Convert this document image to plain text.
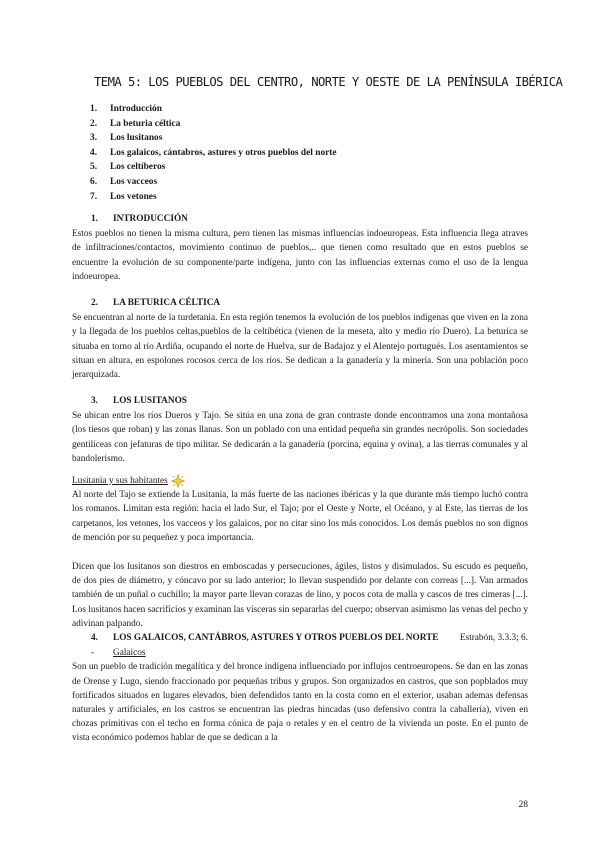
TEMA 5: LOS PUEBLOS DEL CENTRO, NORTE Y OESTE DE LA PENÍNSULA IBÉRICA
1.	Introducción
2.	La beturia céltica
3.	Los lusitanos
4.	Los galaicos, cántabros, astures y otros pueblos del norte
5.	Los celtíberos
6.	Los vacceos
7.	Los vetones
1. INTRODUCCIÓN

Estos pueblos no tienen la misma cultura, pero tienen las mismas influencias indoeuropeas. Esta influencia llega atraves de infiltraciones/contactos, movimiento continuo de pueblos,.. que tienen como resultado que en estos pueblos se encuentre la evolución de su componente/parte indígena, junto con las influencias externas como el uso de la lengua indoeuropea.

2. LA BETURICA CÉLTICA

Se encuentran al norte de la turdetania. En esta región tenemos la evolución de los pueblos indígenas que viven en la zona y la llegada de los pueblos celtas,pueblos de la celtibética (vienen de la meseta, alto y medio río Duero). La beturica se situaba en torno al río Ardiña, ocupando el norte de Huelva, sur de Badajoz y el Alentejo portugués. Los asentamientos se situan en altura, en espolones rocosos cerca de los ríos. Se dedican a la ganadería y la minería. Son una población poco jerarquizada.

3. LOS LUSITANOS

Se ubican entre los ríos Dueros y Tajo. Se sitúa en una zona de gran contraste donde encontramos una zona montañosa (los tiesos que roban) y las zonas llanas. Son un poblado con una entidad pequeña sin grandes necrópolis. Son sociedades gentilíceas con jefaturas de tipo militar. Se dedicarán a la ganadería (porcina, equina y ovina), a las tierras comunales y al bandolerismo.

Lusitania y sus habitantes

Al norte del Tajo se extiende la Lusitania, la más fuerte de las naciones ibéricas y la que durante más tiempo luchó contra los romanos. Limitan esta región: hacia el lado Sur, el Tajo; por el Oeste y Norte, el Océano, y al Este, las tierras de los carpetanos, los vetones, los vacceos y los galaicos, por no citar sino los más conocidos. Los demás pueblos no son dignos de mención por su pequeñez y poca importancia.

Dicen que los lusitanos son diestros en emboscadas y persecuciones, ágiles, listos y disimulados. Su escudo es pequeño, de dos pies de diámetro, y cóncavo por su lado anterior; lo llevan suspendido por delante con correas [...]. Van armados también de un puñal o cuchillo; la mayor parte llevan corazas de lino, y pocos cota de malla y cascos de tres cimeras [...]. Los lusitanos hacen sacrificios y examinan las vísceras sin separarlas del cuerpo; observan asimismo las venas del pecho y adivinan palpando.

Estrabón, 3.3.3; 6.
4. LOS GALAICOS, CANTÁBROS, ASTURES Y OTROS PUEBLOS DEL NORTE
-	Galaicos

Son un pueblo de tradición megalítica y del bronce indígena influenciado por influjos centroeuropeos. Se dan en las zonas de Orense y Lugo, siendo fraccionado por pequeñas tribus y grupos. Son organizados en castros, que son popblados muy fortificados situados en lugares elevados, bien defendidos tanto en la costa como en el exterior, usaban ademas defensas naturales y artificiales, en los castros se encuentran las piedras hincadas (uso defensivo contra la caballería), viven en chozas primitivas con el techo en forma cónica de paja o retales y en el centro de la vivienda un poste. En el punto de vista económico podemos hablar de que se dedican a la

28
